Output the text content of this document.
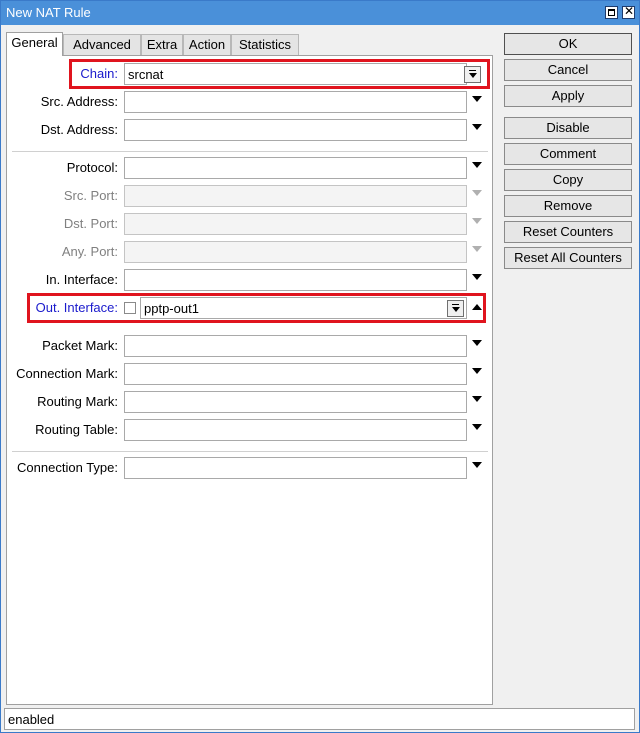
New NAT Rule	✕
General	Advanced	Extra Action	Statistics
Chain: srcnat
Src. Address:
Dst. Address:
Protocol:
Src. Port:
Dst. Port:
Any. Port:
In. Interface:
Out. Interface: pptp-out1
Packet Mark:
Connection Mark:
Routing Mark:
Routing Table:
Connection Type:
OK
Cancel
Apply
Disable
Comment
Copy
Remove
Reset Counters
Reset All Counters
enabled
